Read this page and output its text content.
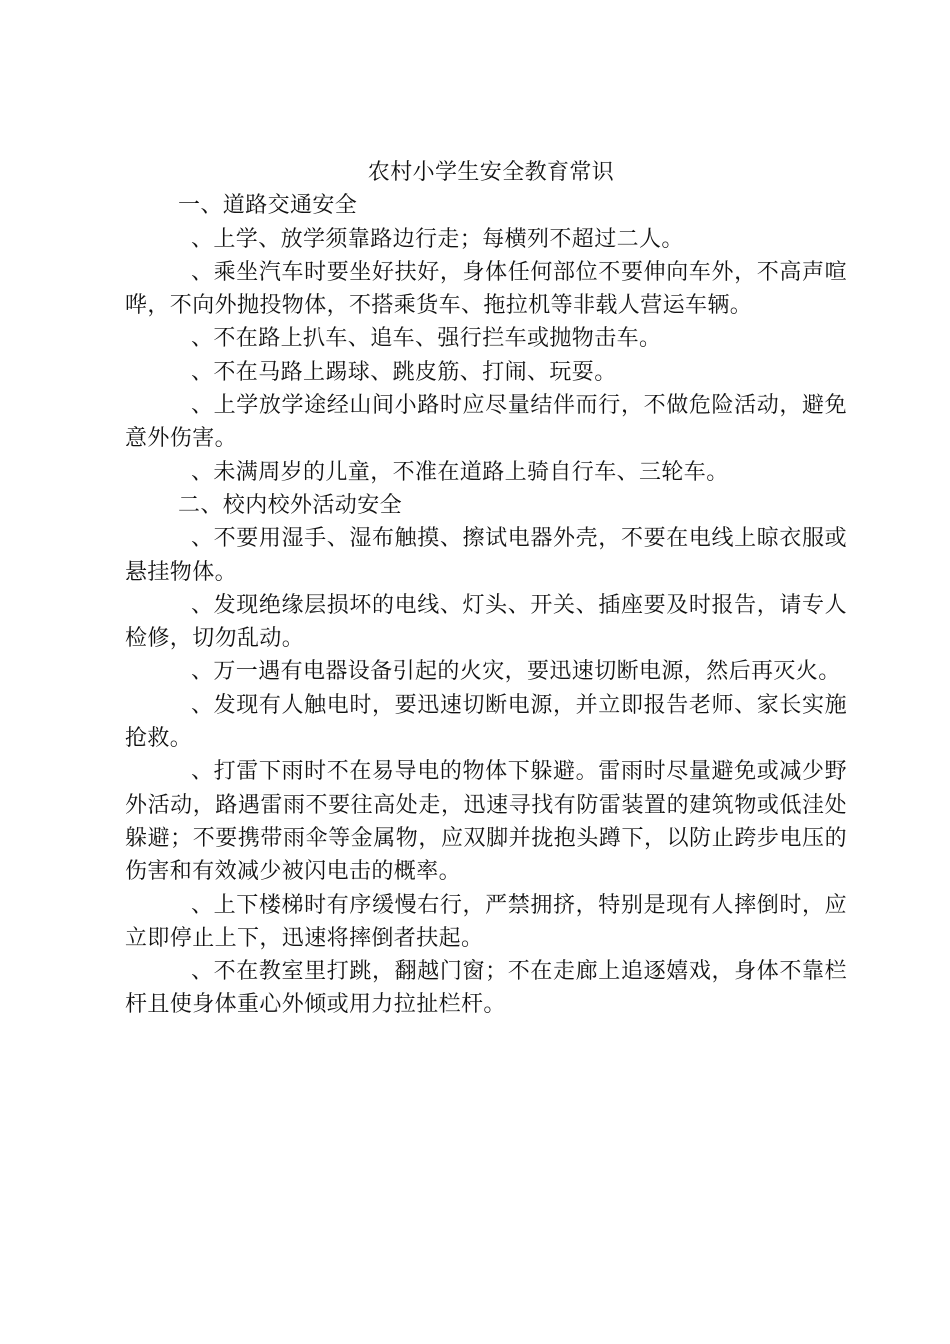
农村小学生安全教育常识

一、道路交通安全

、上学、放学须靠路边行走；每横列不超过二人。

、乘坐汽车时要坐好扶好，身体任何部位不要伸向车外，不高声喧哗，不向外抛投物体，不搭乘货车、拖拉机等非载人营运车辆。

、不在路上扒车、追车、强行拦车或抛物击车。

、不在马路上踢球、跳皮筋、打闹、玩耍。

、上学放学途经山间小路时应尽量结伴而行，不做危险活动，避免意外伤害。

、未满周岁的儿童，不准在道路上骑自行车、三轮车。

二、校内校外活动安全

、不要用湿手、湿布触摸、擦试电器外壳，不要在电线上晾衣服或悬挂物体。

、发现绝缘层损坏的电线、灯头、开关、插座要及时报告，请专人检修，切勿乱动。

、万一遇有电器设备引起的火灾，要迅速切断电源，然后再灭火。

、发现有人触电时，要迅速切断电源，并立即报告老师、家长实施抢救。

、打雷下雨时不在易导电的物体下躲避。雷雨时尽量避免或减少野外活动，路遇雷雨不要往高处走，迅速寻找有防雷装置的建筑物或低洼处躲避；不要携带雨伞等金属物，应双脚并拢抱头蹲下，以防止跨步电压的伤害和有效减少被闪电击的概率。

、上下楼梯时有序缓慢右行，严禁拥挤，特别是现有人摔倒时，应立即停止上下，迅速将摔倒者扶起。

、不在教室里打跳，翻越门窗；不在走廊上追逐嬉戏，身体不靠栏杆且使身体重心外倾或用力拉扯栏杆。
